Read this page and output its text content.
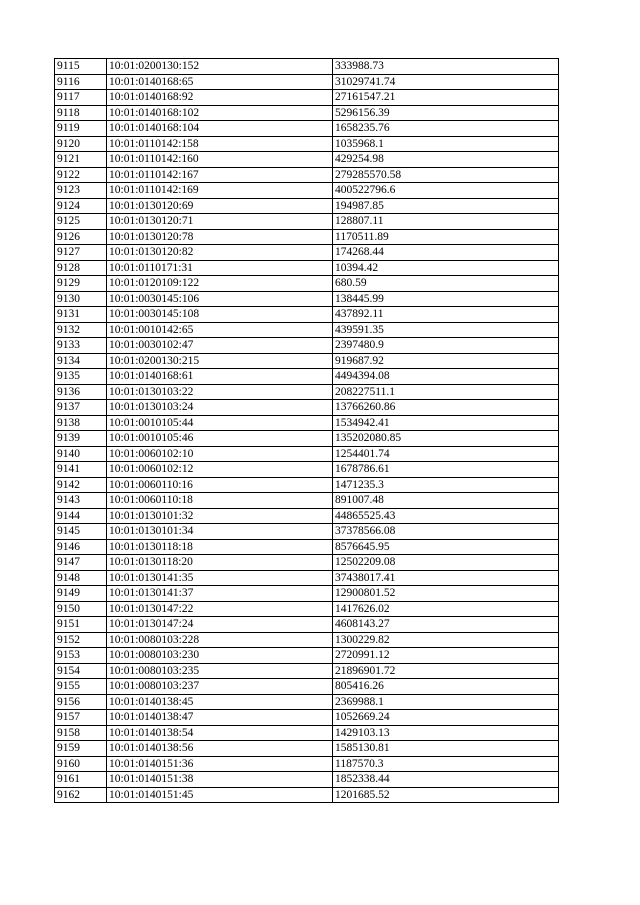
9115	10:01:0200130:152	333988.73
9116	10:01:0140168:65	31029741.74
9117	10:01:0140168:92	27161547.21
9118	10:01:0140168:102	5296156.39
9119	10:01:0140168:104	1658235.76
9120	10:01:0110142:158	1035968.1
9121	10:01:0110142:160	429254.98
9122	10:01:0110142:167	279285570.58
9123	10:01:0110142:169	400522796.6
9124	10:01:0130120:69	194987.85
9125	10:01:0130120:71	128807.11
9126	10:01:0130120:78	1170511.89
9127	10:01:0130120:82	174268.44
9128	10:01:0110171:31	10394.42
9129	10:01:0120109:122	680.59
9130	10:01:0030145:106	138445.99
9131	10:01:0030145:108	437892.11
9132	10:01:0010142:65	439591.35
9133	10:01:0030102:47	2397480.9
9134	10:01:0200130:215	919687.92
9135	10:01:0140168:61	4494394.08
9136	10:01:0130103:22	208227511.1
9137	10:01:0130103:24	13766260.86
9138	10:01:0010105:44	1534942.41
9139	10:01:0010105:46	135202080.85
9140	10:01:0060102:10	1254401.74
9141	10:01:0060102:12	1678786.61
9142	10:01:0060110:16	1471235.3
9143	10:01:0060110:18	891007.48
9144	10:01:0130101:32	44865525.43
9145	10:01:0130101:34	37378566.08
9146	10:01:0130118:18	8576645.95
9147	10:01:0130118:20	12502209.08
9148	10:01:0130141:35	37438017.41
9149	10:01:0130141:37	12900801.52
9150	10:01:0130147:22	1417626.02
9151	10:01:0130147:24	4608143.27
9152	10:01:0080103:228	1300229.82
9153	10:01:0080103:230	2720991.12
9154	10:01:0080103:235	21896901.72
9155	10:01:0080103:237	805416.26
9156	10:01:0140138:45	2369988.1
9157	10:01:0140138:47	1052669.24
9158	10:01:0140138:54	1429103.13
9159	10:01:0140138:56	1585130.81
9160	10:01:0140151:36	1187570.3
9161	10:01:0140151:38	1852338.44
9162	10:01:0140151:45	1201685.52
